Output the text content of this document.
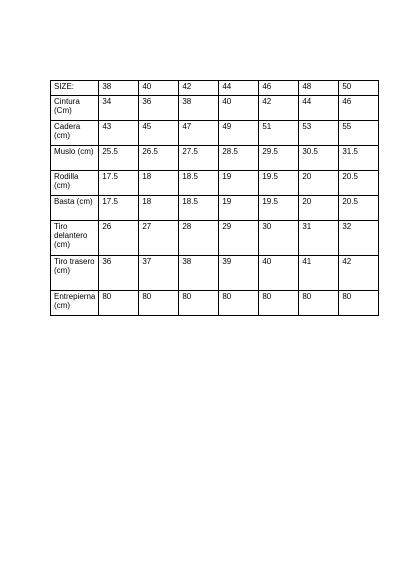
SIZE:	38	40	42	44	46	48	50
Cintura (Cm)	34	36	38	40	42	44	46
Cadera (cm)	43	45	47	49	51	53	55
Muslo (cm)	25.5	26.5	27.5	28.5	29.5	30.5	31.5
Rodilla (cm)	17.5	18	18.5	19	19.5	20	20.5
Basta (cm)	17.5	18	18.5	19	19.5	20	20.5
Tiro delantero (cm)	26	27	28	29	30	31	32
Tiro trasero (cm)	36	37	38	39	40	41	42
Entrepierna (cm)	80	80	80	80	80	80	80
